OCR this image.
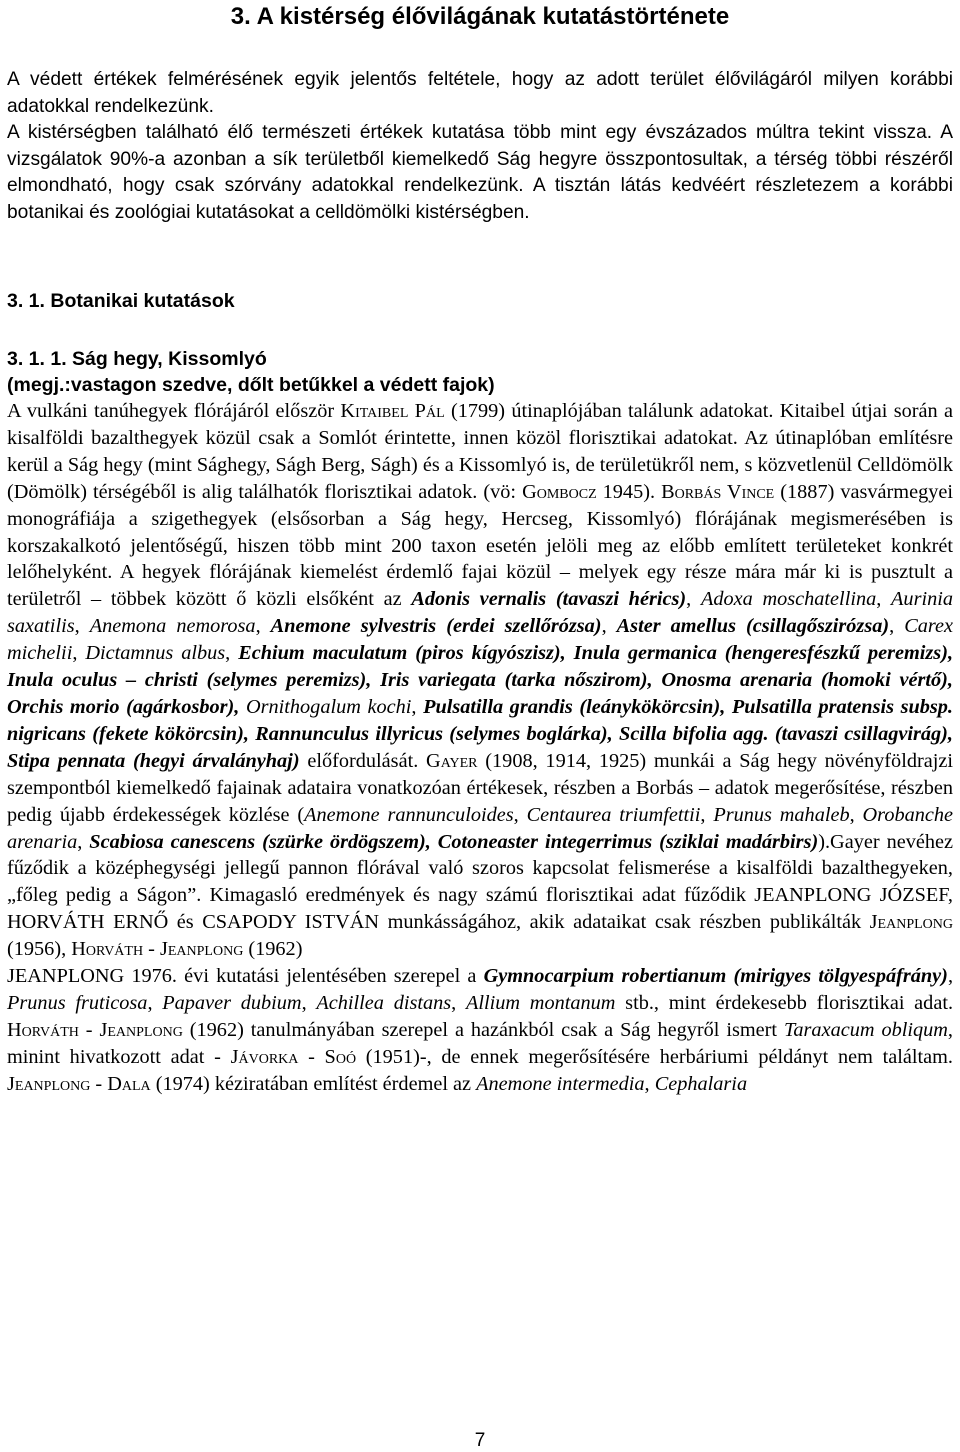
3. A kistérség élővilágának kutatástörténete

A védett értékek felmérésének egyik jelentős feltétele, hogy az adott terület élővilágáról milyen korábbi adatokkal rendelkezünk.
A kistérségben található élő természeti értékek kutatása több mint egy évszázados múltra tekint vissza. A vizsgálatok 90%-a azonban a sík területből kiemelkedő Ság hegyre összpontosultak, a térség többi részéről elmondható, hogy csak szórvány adatokkal rendelkezünk. A tisztán látás kedvéért részletezem a korábbi botanikai és zoológiai kutatásokat a celldömölki kistérségben.

3. 1. Botanikai kutatások
3. 1. 1. Ság hegy, Kissomlyó

(megj.:vastagon szedve, dőlt betűkkel a védett fajok)

A vulkáni tanúhegyek flórájáról először Kitaibel Pál (1799) útinaplójában találunk adatokat. Kitaibel útjai során a kisalföldi bazalthegyek közül csak a Somlót érintette, innen közöl florisztikai adatokat. Az útinaplóban említésre kerül a Ság hegy (mint Sághegy, Ságh Berg, Ságh) és a Kissomlyó is, de területükről nem, s közvetlenül Celldömölk (Dömölk) térségéből is alig találhatók florisztikai adatok. (vö: Gombocz 1945). Borbás Vince (1887) vasvármegyei monográfiája a szigethegyek (elsősorban a Ság hegy, Hercseg, Kissomlyó) flórájának megismerésében is korszakalkotó jelentőségű, hiszen több mint 200 taxon esetén jelöli meg az előbb említett területeket konkrét lelőhelyként. A hegyek flórájának kiemelést érdemlő fajai közül – melyek egy része mára már ki is pusztult a területről – többek között ő közli elsőként az Adonis vernalis (tavaszi hérics), Adoxa moschatellina, Aurinia saxatilis, Anemona nemorosa, Anemone sylvestris (erdei szellőrózsa), Aster amellus (csillagőszirózsa), Carex michelii, Dictamnus albus, Echium maculatum (piros kígyószisz), Inula germanica (hengeresfészkű peremizs), Inula oculus – christi (selymes peremizs), Iris variegata (tarka nőszirom), Onosma arenaria (homoki vértő), Orchis morio (agárkosbor), Ornithogalum kochi, Pulsatilla grandis (leánykökörcsin), Pulsatilla pratensis subsp. nigricans (fekete kökörcsin), Rannunculus illyricus (selymes boglárka), Scilla bifolia agg. (tavaszi csillagvirág), Stipa pennata (hegyi árvalányhaj) előfordulását. Gayer (1908, 1914, 1925) munkái a Ság hegy növényföldrajzi szempontból kiemelkedő fajainak adataira vonatkozóan értékesek, részben a Borbás – adatok megerősítése, részben pedig újabb érdekességek közlése (Anemone rannunculoides, Centaurea triumfettii, Prunus mahaleb, Orobanche arenaria, Scabiosa canescens (szürke ördögszem), Cotoneaster integerrimus (sziklai madárbirs)).Gayer nevéhez fűződik a középhegységi jellegű pannon flórával való szoros kapcsolat felismerése a kisalföldi bazalthegyeken, „főleg pedig a Ságon”. Kimagasló eredmények és nagy számú florisztikai adat fűződik JEANPLONG JÓZSEF, HORVÁTH ERNŐ és CSAPODY ISTVÁN munkásságához, akik adataikat csak részben publikálták Jeanplong (1956), Horváth - Jeanplong (1962)

JEANPLONG 1976. évi kutatási jelentésében szerepel a Gymnocarpium robertianum (mirigyes tölgyespáfrány), Prunus fruticosa, Papaver dubium, Achillea distans, Allium montanum stb., mint érdekesebb florisztikai adat. Horváth - Jeanplong (1962) tanulmányában szerepel a hazánkból csak a Ság hegyről ismert Taraxacum obliqum, minint hivatkozott adat - Jávorka - Soó (1951)-, de ennek megerősítésére herbáriumi példányt nem találtam. Jeanplong - Dala (1974) kéziratában említést érdemel az Anemone intermedia, Cephalaria

7
